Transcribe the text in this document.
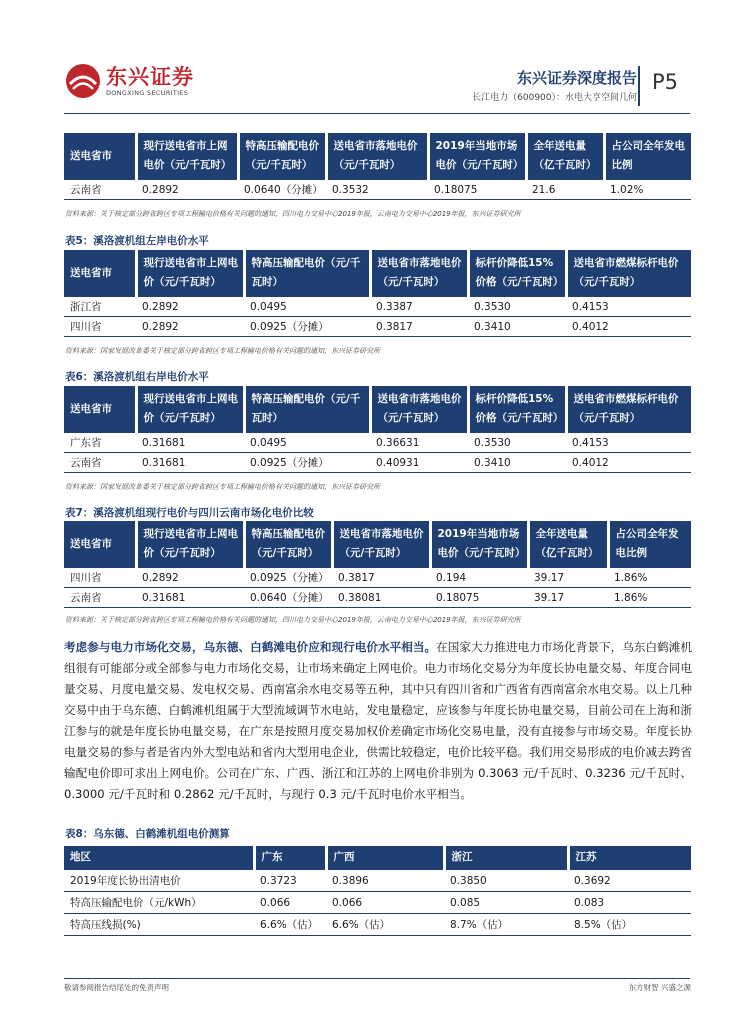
东兴证券
DONGXING SECURITIES
东兴证券深度报告
长江电力（600900）：水电大亨空间几何
P5
送电省市	现行送电省市上网电价（元/千瓦时）	特高压输配电价（元/千瓦时）	送电省市落地电价（元/千瓦时）	2019年当地市场电价（元/千瓦时）	全年送电量（亿千瓦时）	占公司全年发电比例
云南省	0.2892	0.0640（分摊）	0.3532	0.18075	21.6	1.02%
资料来源：关于核定部分跨省跨区专项工程输电价格有关问题的通知，四川电力交易中心2019年报，云南电力交易中心2019年报，东兴证券研究所
表5：溪洛渡机组左岸电价水平
送电省市	现行送电省市上网电价（元/千瓦时）	特高压输配电价（元/千瓦时）	送电省市落地电价（元/千瓦时）	标杆价降低15%价格（元/千瓦时）	送电省市燃煤标杆电价（元/千瓦时）
浙江省	0.2892	0.0495	0.3387	0.3530	0.4153
四川省	0.2892	0.0925（分摊）	0.3817	0.3410	0.4012
资料来源：国家发展改革委关于核定部分跨省跨区专项工程输电价格有关问题的通知，东兴证券研究所
表6：溪洛渡机组右岸电价水平
送电省市	现行送电省市上网电价（元/千瓦时）	特高压输配电价（元/千瓦时）	送电省市落地电价（元/千瓦时）	标杆价降低15%价格（元/千瓦时）	送电省市燃煤标杆电价（元/千瓦时）
广东省	0.31681	0.0495	0.36631	0.3530	0.4153
云南省	0.31681	0.0925（分摊）	0.40931	0.3410	0.4012
资料来源：国家发展改革委关于核定部分跨省跨区专项工程输电价格有关问题的通知，东兴证券研究所
表7：溪洛渡机组现行电价与四川云南市场化电价比较
送电省市	现行送电省市上网电价（元/千瓦时）	特高压输配电价（元/千瓦时）	送电省市落地电价（元/千瓦时）	2019年当地市场电价（元/千瓦时）	全年送电量（亿千瓦时）	占公司全年发电比例
四川省	0.2892	0.0925（分摊）	0.3817	0.194	39.17	1.86%
云南省	0.31681	0.0640（分摊）	0.38081	0.18075	39.17	1.86%
资料来源：关于核定部分跨省跨区专项工程输电价格有关问题的通知，四川电力交易中心2019年报，云南电力交易中心2019年报，东兴证券研究所
考虑参与电力市场化交易，乌东德、白鹤滩电价应和现行电价水平相当。在国家大力推进电力市场化背景下，乌东白鹤滩机组很有可能部分或全部参与电力市场化交易，让市场来确定上网电价。电力市场化交易分为年度长协电量交易、年度合同电量交易、月度电量交易、发电权交易、西南富余水电交易等五种，其中只有四川省和广西省有西南富余水电交易。以上几种交易中由于乌东德、白鹤滩机组属于大型流域调节水电站，发电量稳定，应该参与年度长协电量交易，目前公司在上海和浙江参与的就是年度长协电量交易，在广东是按照月度交易加权价差确定市场化交易电量，没有直接参与市场交易。年度长协电量交易的参与者是省内外大型电站和省内大型用电企业，供需比较稳定，电价比较平稳。我们用交易形成的电价减去跨省输配电价即可求出上网电价。公司在广东、广西、浙江和江苏的上网电价非别为 0.3063 元/千瓦时、0.3236 元/千瓦时、0.3000 元/千瓦时和 0.2862 元/千瓦时，与现行 0.3 元/千瓦时电价水平相当。
表8：乌东德、白鹤滩机组电价测算
地区	广东	广西	浙江	江苏
2019年度长协出清电价	0.3723	0.3896	0.3850	0.3692
特高压输配电价（元/kWh）	0.066	0.066	0.085	0.083
特高压线损(%)	6.6%（估）	6.6%（估）	8.7%（估）	8.5%（估）
敬请参阅报告结尾处的免责声明	东方财智 兴盛之源
